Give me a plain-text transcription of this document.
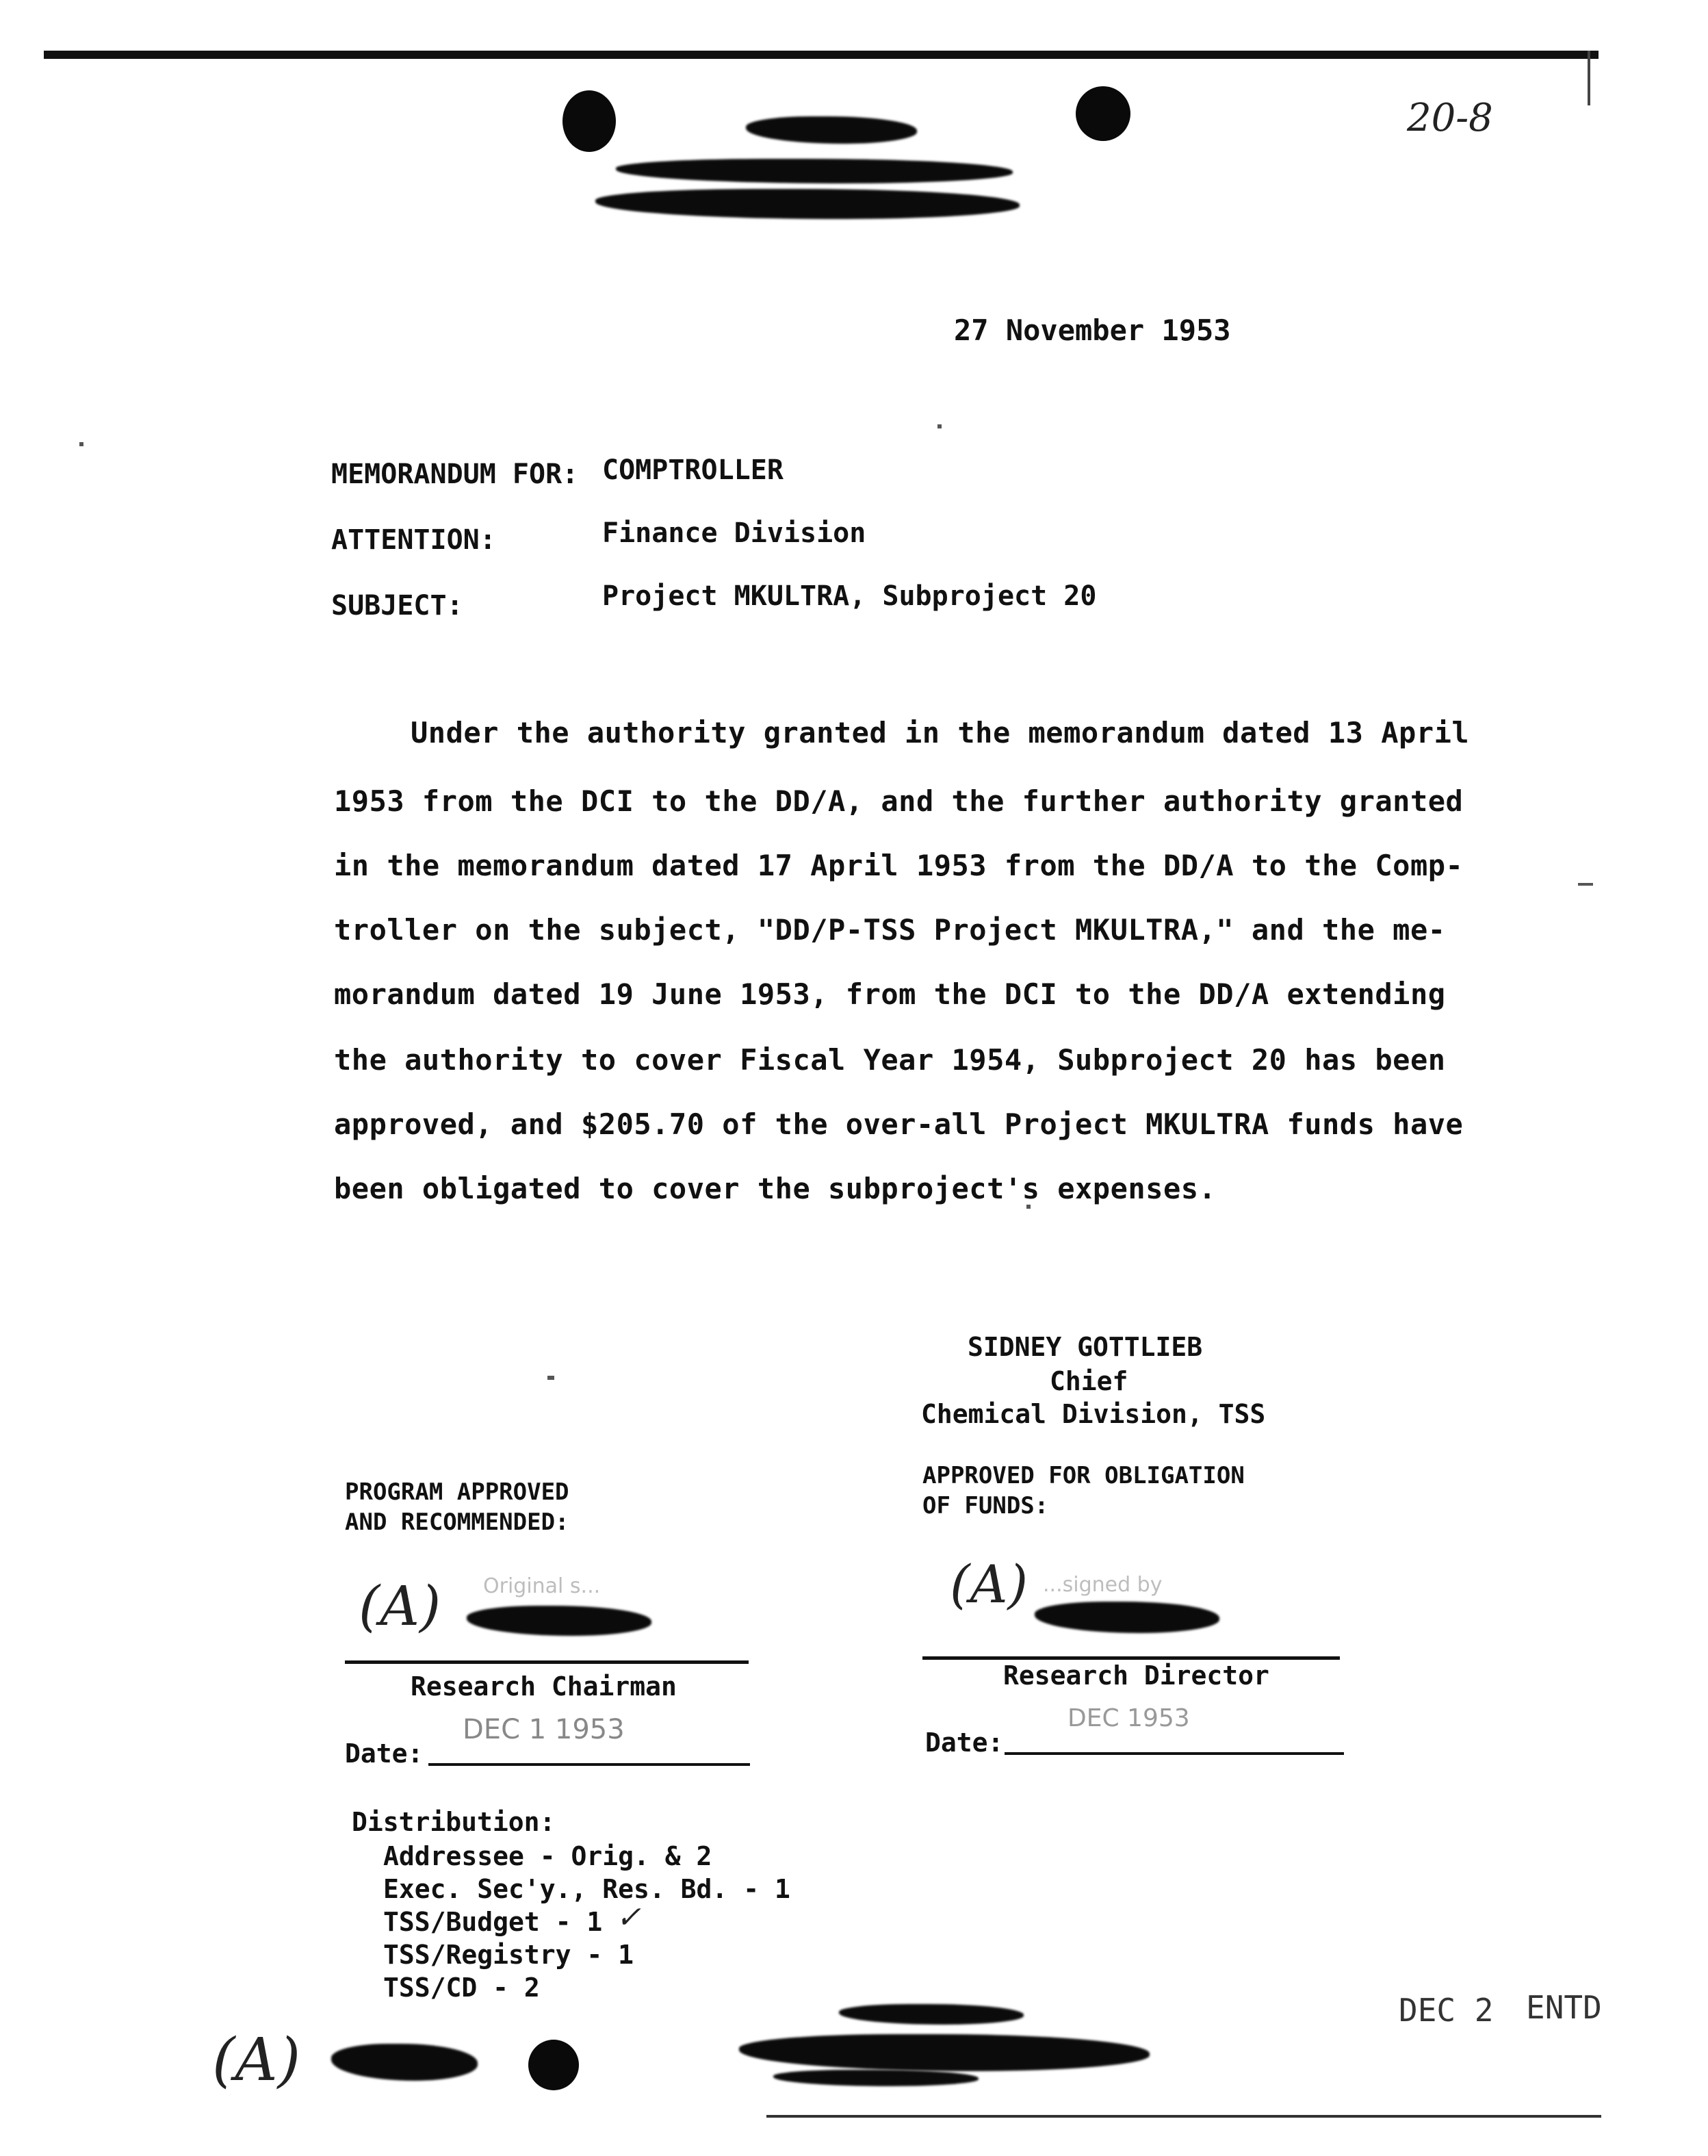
20-8
27 November 1953
MEMORANDUM FOR: COMPTROLLER
ATTENTION:	Finance Division
SUBJECT:	Project MKULTRA, Subproject 20
Under the authority granted in the memorandum dated 13 April
1953 from the DCI to the DD/A, and the further authority granted
in the memorandum dated 17 April 1953 from the DD/A to the Comp-
troller on the subject, "DD/P-TSS Project MKULTRA," and the me-
morandum dated 19 June 1953, from the DCI to the DD/A extending
the authority to cover Fiscal Year 1954, Subproject 20 has been
approved, and $205.70 of the over-all Project MKULTRA funds have
been obligated to cover the subproject's expenses.
SIDNEY GOTTLIEB
Chief
Chemical Division, TSS
PROGRAM APPROVED
AND RECOMMENDED:
(A) Original s...
Research Chairman
Date:
DEC 1 1953
APPROVED FOR OBLIGATION
OF FUNDS:
(A) ...signed by
Research Director
Date:
DEC 1953
Distribution:
Addressee - Orig. & 2
Exec. Sec'y., Res. Bd. - 1
TSS/Budget - 1 ✓
TSS/Registry - 1
TSS/CD - 2
(A)
DEC 2 ENTD
